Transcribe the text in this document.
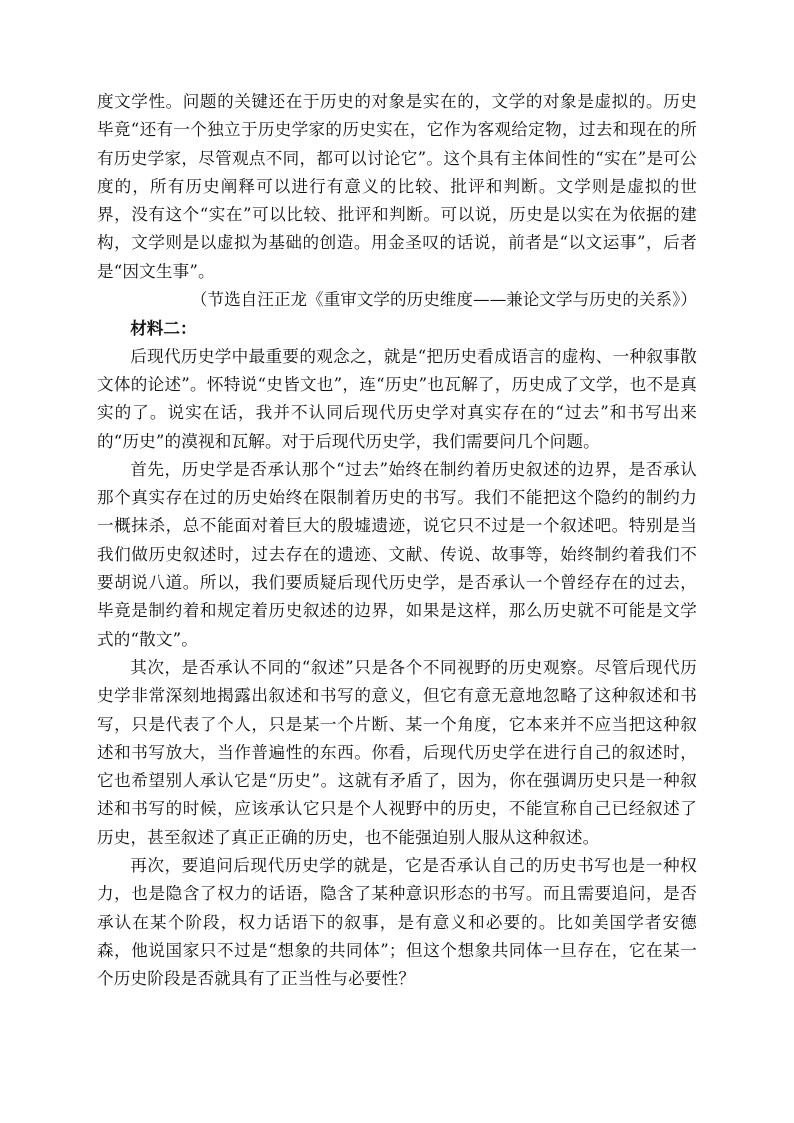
度文学性。问题的关键还在于历史的对象是实在的，文学的对象是虚拟的。历史毕竟“还有一个独立于历史学家的历史实在，它作为客观给定物，过去和现在的所有历史学家，尽管观点不同，都可以讨论它”。这个具有主体间性的“实在”是可公度的，所有历史阐释可以进行有意义的比较、批评和判断。文学则是虚拟的世界，没有这个“实在”可以比较、批评和判断。可以说，历史是以实在为依据的建构，文学则是以虚拟为基础的创造。用金圣叹的话说，前者是“以文运事”，后者是“因文生事”。

（节选自汪正龙《重审文学的历史维度——兼论文学与历史的关系》）
材料二：

后现代历史学中最重要的观念之，就是“把历史看成语言的虚构、一种叙事散文体的论述”。怀特说“史皆文也”，连“历史”也瓦解了，历史成了文学，也不是真实的了。说实在话，我并不认同后现代历史学对真实存在的“过去”和书写出来的“历史”的漠视和瓦解。对于后现代历史学，我们需要问几个问题。

首先，历史学是否承认那个“过去”始终在制约着历史叙述的边界，是否承认那个真实存在过的历史始终在限制着历史的书写。我们不能把这个隐约的制约力一概抹杀，总不能面对着巨大的殷墟遗迹，说它只不过是一个叙述吧。特别是当我们做历史叙述时，过去存在的遗迹、文献、传说、故事等，始终制约着我们不要胡说八道。所以，我们要质疑后现代历史学，是否承认一个曾经存在的过去，毕竟是制约着和规定着历史叙述的边界，如果是这样，那么历史就不可能是文学式的“散文”。

其次，是否承认不同的“叙述”只是各个不同视野的历史观察。尽管后现代历史学非常深刻地揭露出叙述和书写的意义，但它有意无意地忽略了这种叙述和书写，只是代表了个人，只是某一个片断、某一个角度，它本来并不应当把这种叙述和书写放大，当作普遍性的东西。你看，后现代历史学在进行自己的叙述时，它也希望别人承认它是“历史”。这就有矛盾了，因为，你在强调历史只是一种叙述和书写的时候，应该承认它只是个人视野中的历史，不能宣称自己已经叙述了历史，甚至叙述了真正正确的历史，也不能强迫别人服从这种叙述。

再次，要追问后现代历史学的就是，它是否承认自己的历史书写也是一种权力，也是隐含了权力的话语，隐含了某种意识形态的书写。而且需要追问，是否承认在某个阶段，权力话语下的叙事，是有意义和必要的。比如美国学者安德森，他说国家只不过是“想象的共同体”；但这个想象共同体一旦存在，它在某一个历史阶段是否就具有了正当性与必要性？
